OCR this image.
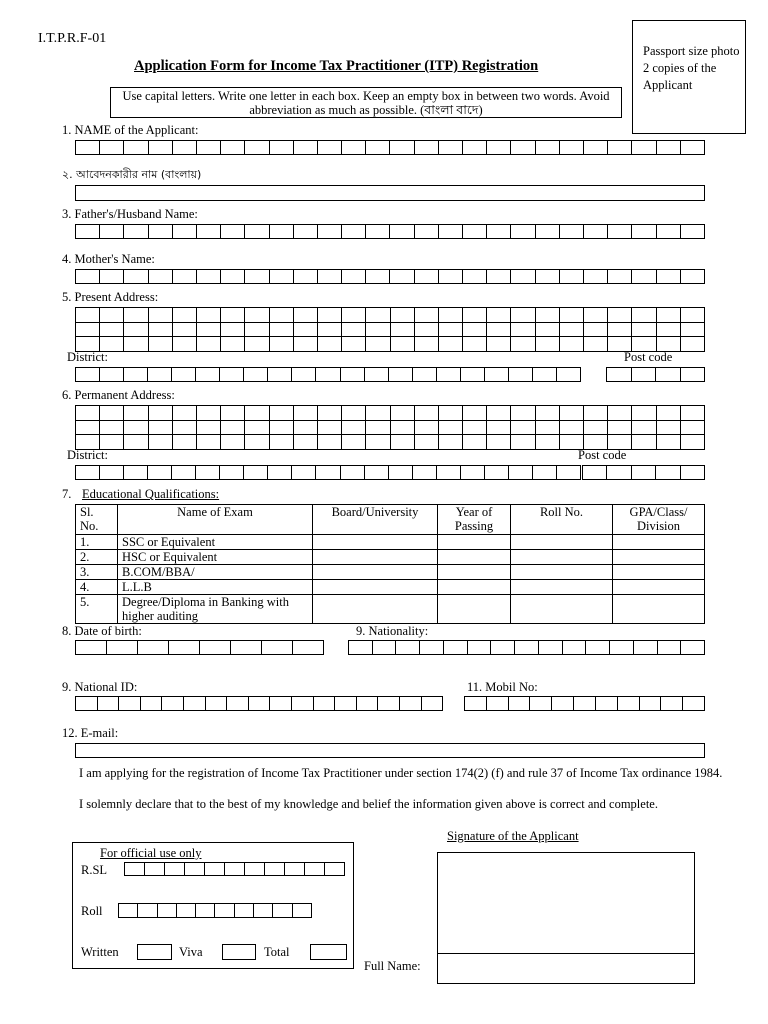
I.T.P.R.F-01
Application Form for Income Tax Practitioner (ITP) Registration
Passport size photo 2 copies of the Applicant
Use capital letters. Write one letter in each box. Keep an empty box in between two words. Avoid abbreviation as much as possible. (বাংলা বাদে)
1. NAME of the Applicant:
২. আবেদনকারীর নাম (বাংলায়)
3. Father's/Husband Name:
4. Mother's Name:
5. Present Address:
District:	Post code
6. Permanent Address:
District:	Post code
7. Educational Qualifications:
Sl. No.	Name of Exam	Board/University	Year of Passing	Roll No.	GPA/Class/ Division
1.	SSC or Equivalent				
2.	HSC or Equivalent				
3.	B.COM/BBA/				
4.	L.L.B				
5.	Degree/Diploma in Banking with higher auditing				
8. Date of birth:	9. Nationality:
9. National ID:	11. Mobil No:
12. E-mail:
I am applying for the registration of Income Tax Practitioner under section 174(2) (f) and rule 37 of Income Tax ordinance 1984.
I solemnly declare that to the best of my knowledge and belief the information given above is correct and complete.
For official use only
R.SL
Roll
Written	Viva	Total
Signature of the Applicant
Full Name:
